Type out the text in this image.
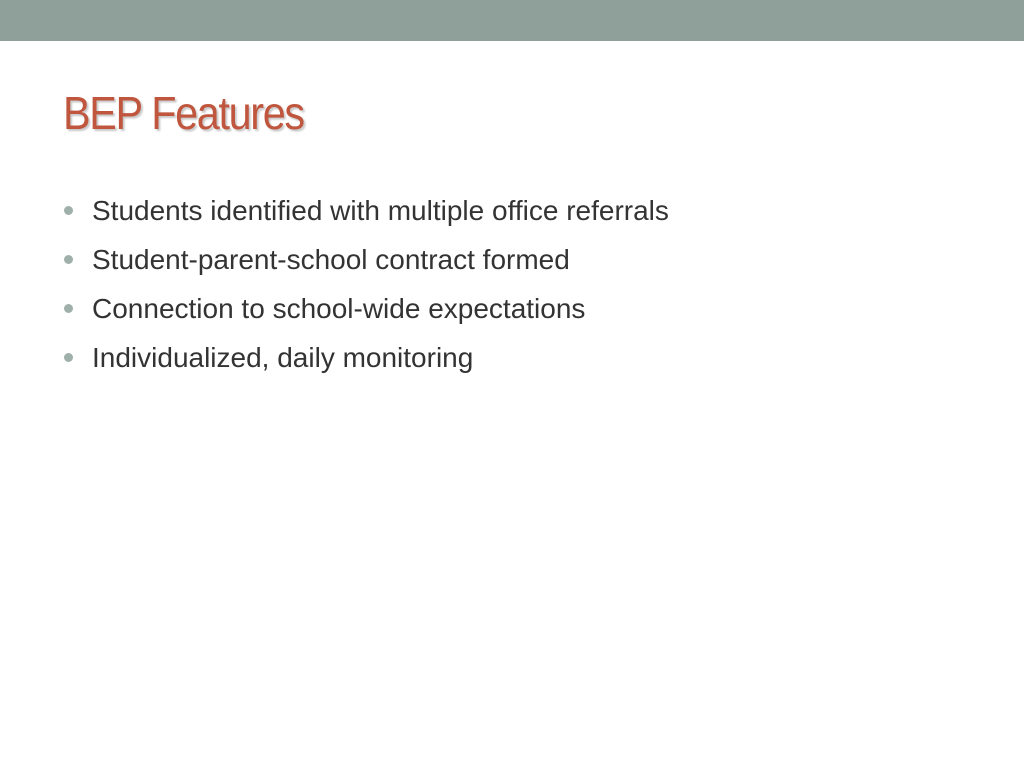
BEP Features
Students identified with multiple office referrals
Student-parent-school contract formed
Connection to school-wide expectations
Individualized, daily monitoring
